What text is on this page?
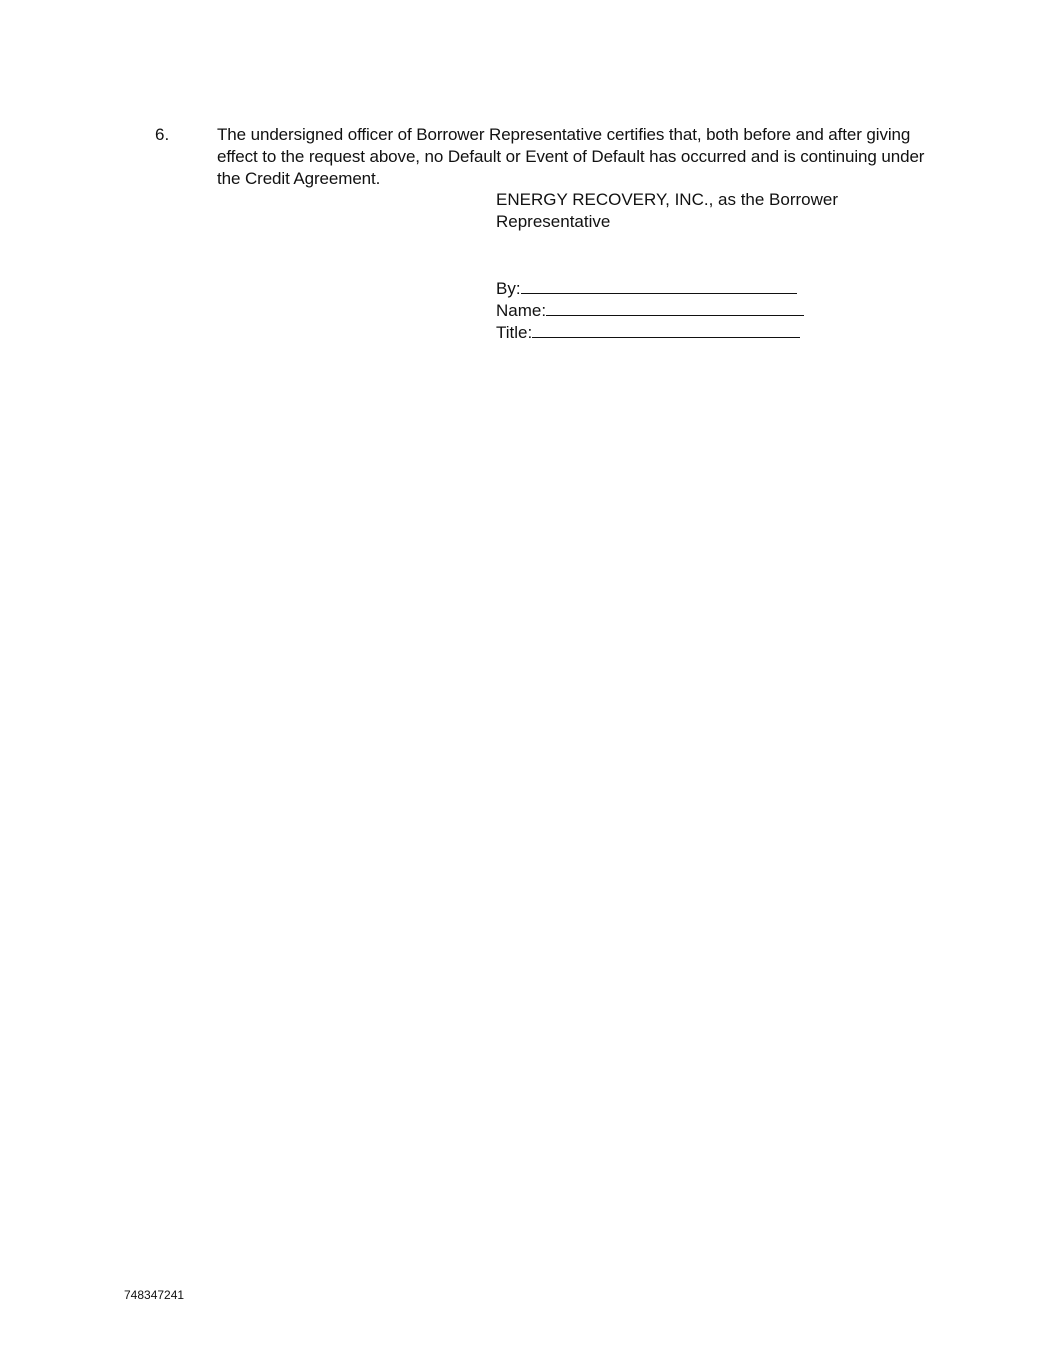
6.	The undersigned officer of Borrower Representative certifies that, both before and after giving
effect to the request above, no Default or Event of Default has occurred and is continuing under
the Credit Agreement.
ENERGY RECOVERY, INC., as the Borrower
Representative
By:
Name:
Title:
748347241
